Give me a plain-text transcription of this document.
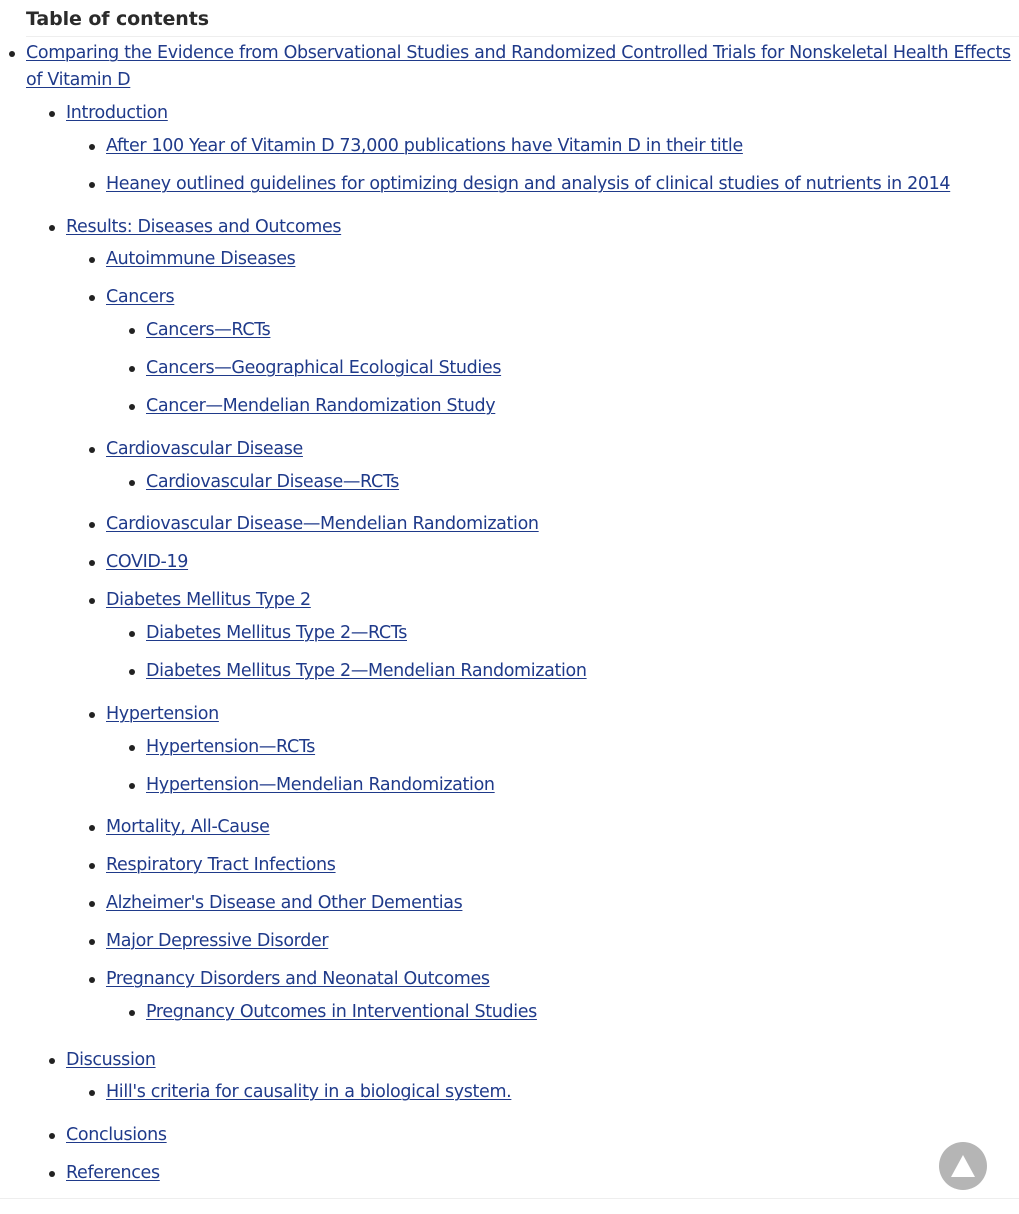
Table of contents
Comparing the Evidence from Observational Studies and Randomized Controlled Trials for Nonskeletal Health Effects of Vitamin D
Introduction
After 100 Year of Vitamin D 73,000 publications have Vitamin D in their title
Heaney outlined guidelines for optimizing design and analysis of clinical studies of nutrients in 2014
Results: Diseases and Outcomes
Autoimmune Diseases
Cancers
Cancers—RCTs
Cancers—Geographical Ecological Studies
Cancer—Mendelian Randomization Study
Cardiovascular Disease
Cardiovascular Disease—RCTs
Cardiovascular Disease—Mendelian Randomization
COVID-19
Diabetes Mellitus Type 2
Diabetes Mellitus Type 2—RCTs
Diabetes Mellitus Type 2—Mendelian Randomization
Hypertension
Hypertension—RCTs
Hypertension—Mendelian Randomization
Mortality, All-Cause
Respiratory Tract Infections
Alzheimer's Disease and Other Dementias
Major Depressive Disorder
Pregnancy Disorders and Neonatal Outcomes
Pregnancy Outcomes in Interventional Studies
Discussion
Hill's criteria for causality in a biological system.
Conclusions
References
